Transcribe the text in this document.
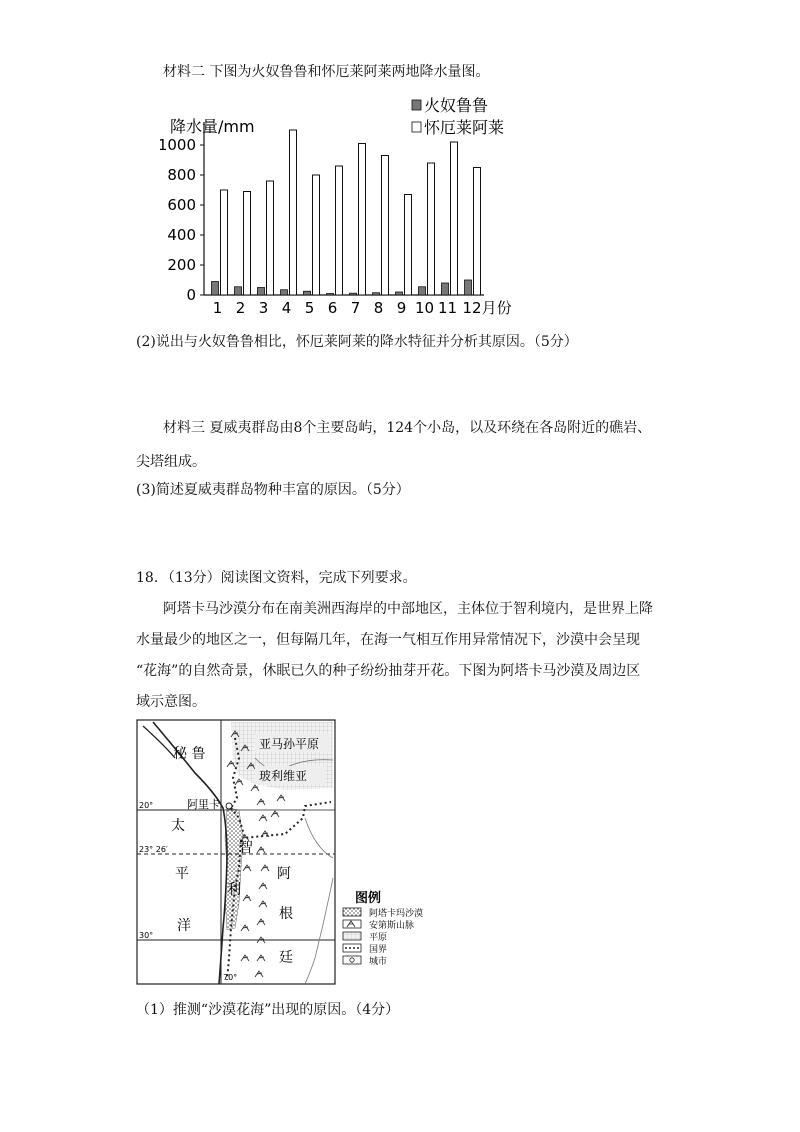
材料二 下图为火奴鲁鲁和怀厄莱阿莱两地降水量图。
0
200
400
600
800
1000
降水量/mm
1 2 3 4 5 6 7 8 9 10 11 12月份
火奴鲁鲁
怀厄莱阿莱
(2)说出与火奴鲁鲁相比，怀厄莱阿莱的降水特征并分析其原因。（5分）
材料三 夏威夷群岛由8个主要岛屿，124个小岛，以及环绕在各岛附近的礁岩、
尖塔组成。
(3)简述夏威夷群岛物种丰富的原因。（5分）
18．（13分）阅读图文资料，完成下列要求。
阿塔卡马沙漠分布在南美洲西海岸的中部地区，主体位于智利境内，是世界上降
水量最少的地区之一，但每隔几年，在海一气相互作用异常情况下，沙漠中会呈现
“花海”的自然奇景，休眠已久的种子纷纷抽芽开花。下图为阿塔卡马沙漠及周边区
域示意图。
秘 鲁
亚马孙平原
玻利维亚
阿里卡
20°
23° 26′
30°
70°
太
平
洋
智
利
阿
根
廷
图例
阿塔卡玛沙漠
安第斯山脉
平原
国界
城市
（1）推测“沙漠花海”出现的原因。（4分）
